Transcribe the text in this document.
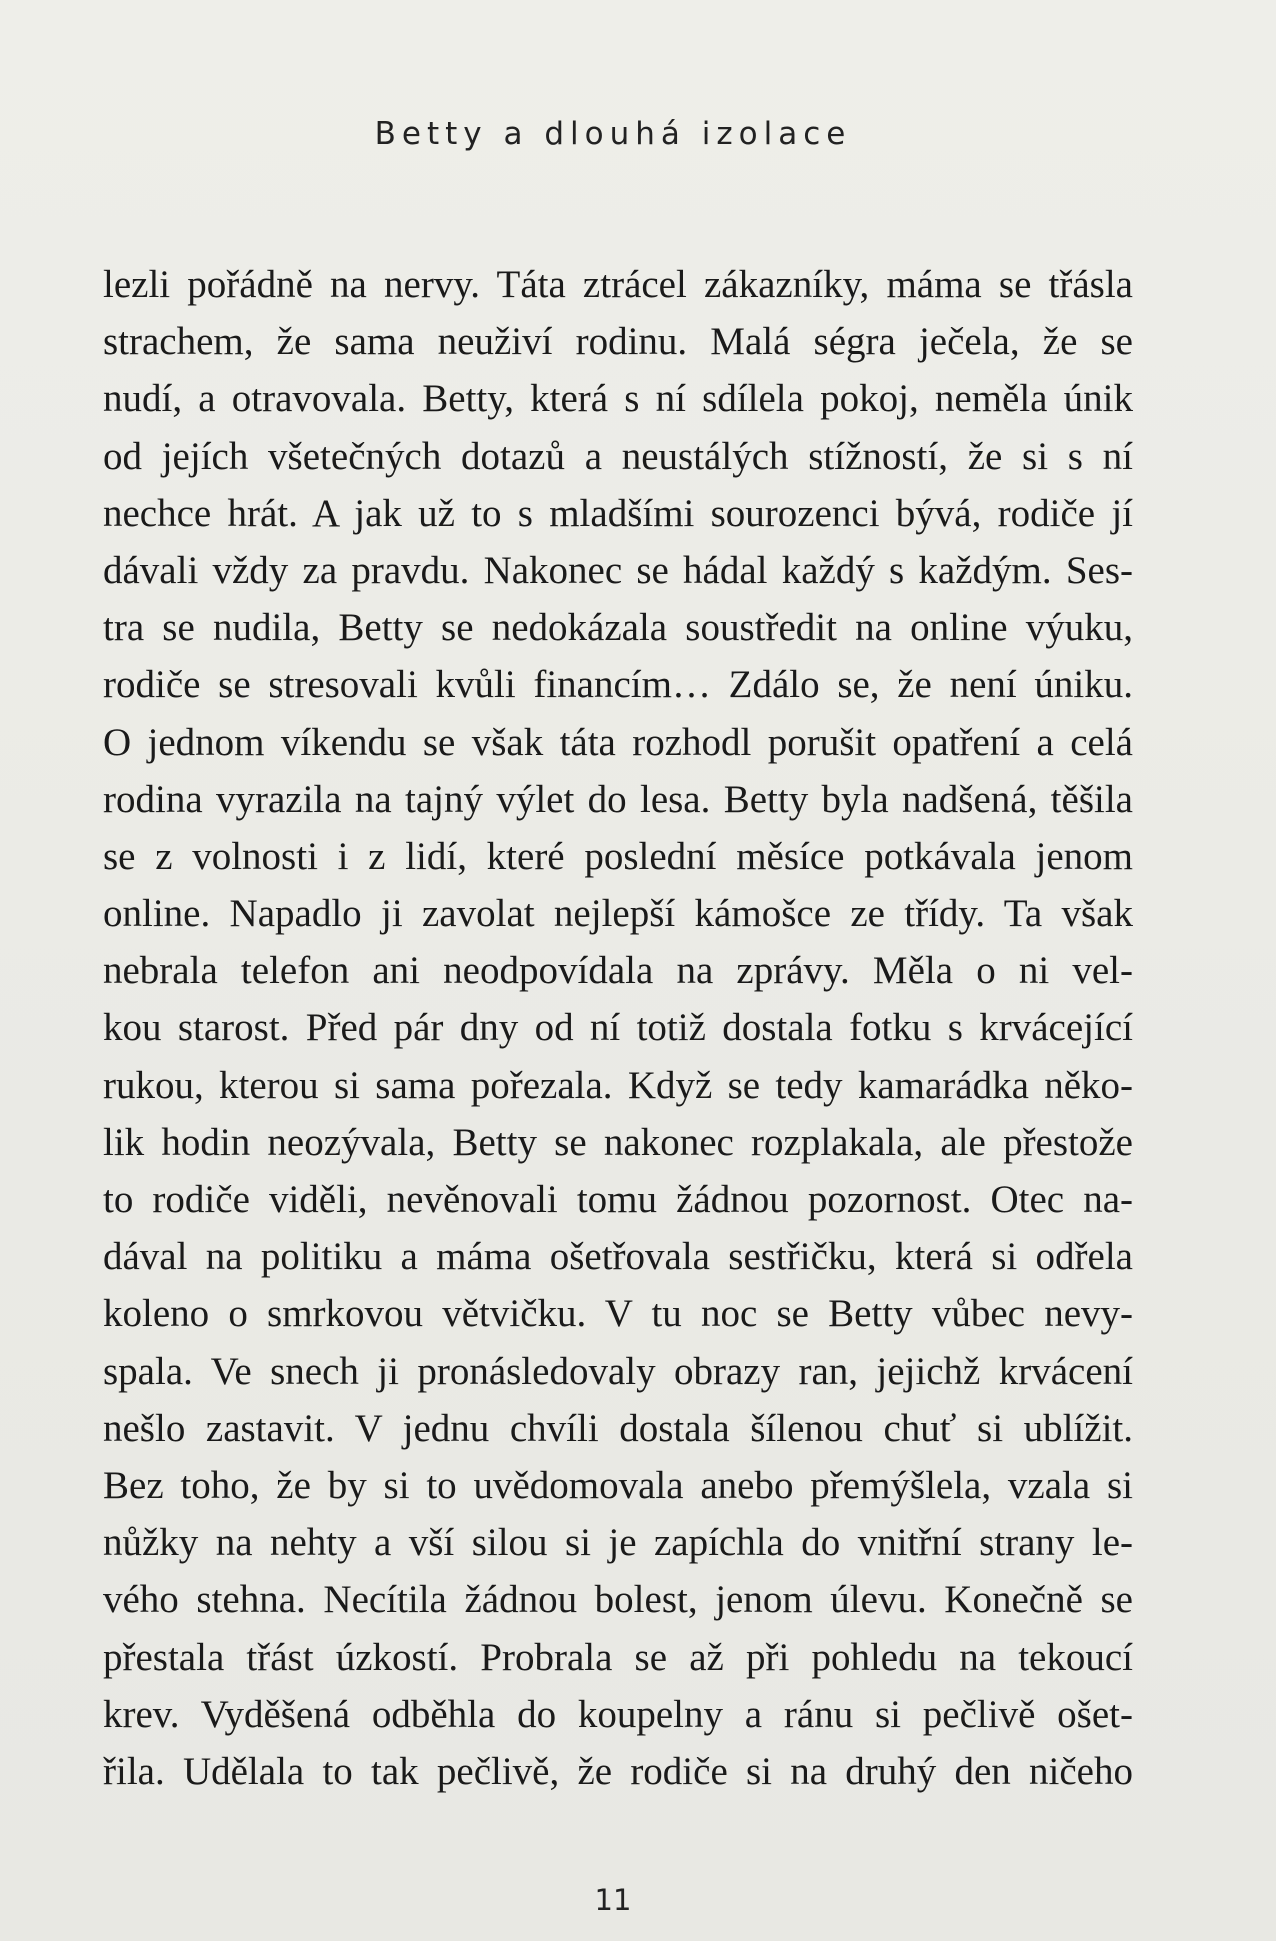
Betty a dlouhá izolace
lezli pořádně na nervy. Táta ztrácel zákazníky, máma se třásla
strachem, že sama neuživí rodinu. Malá ségra ječela, že se
nudí, a otravovala. Betty, která s ní sdílela pokoj, neměla únik
od jejích všetečných dotazů a neustálých stížností, že si s ní
nechce hrát. A jak už to s mladšími sourozenci bývá, rodiče jí
dávali vždy za pravdu. Nakonec se hádal každý s každým. Ses-
tra se nudila, Betty se nedokázala soustředit na online výuku,
rodiče se stresovali kvůli financím… Zdálo se, že není úniku.
O jednom víkendu se však táta rozhodl porušit opatření a celá
rodina vyrazila na tajný výlet do lesa. Betty byla nadšená, těšila
se z volnosti i z lidí, které poslední měsíce potkávala jenom
online. Napadlo ji zavolat nejlepší kámošce ze třídy. Ta však
nebrala telefon ani neodpovídala na zprávy. Měla o ni vel-
kou starost. Před pár dny od ní totiž dostala fotku s krvácející
rukou, kterou si sama pořezala. Když se tedy kamarádka něko-
lik hodin neozývala, Betty se nakonec rozplakala, ale přestože
to rodiče viděli, nevěnovali tomu žádnou pozornost. Otec na-
dával na politiku a máma ošetřovala sestřičku, která si odřela
koleno o smrkovou větvičku. V tu noc se Betty vůbec nevy-
spala. Ve snech ji pronásledovaly obrazy ran, jejichž krvácení
nešlo zastavit. V jednu chvíli dostala šílenou chuť si ublížit.
Bez toho, že by si to uvědomovala anebo přemýšlela, vzala si
nůžky na nehty a vší silou si je zapíchla do vnitřní strany le-
vého stehna. Necítila žádnou bolest, jenom úlevu. Konečně se
přestala třást úzkostí. Probrala se až při pohledu na tekoucí
krev. Vyděšená odběhla do koupelny a ránu si pečlivě ošet-
řila. Udělala to tak pečlivě, že rodiče si na druhý den ničeho
11
